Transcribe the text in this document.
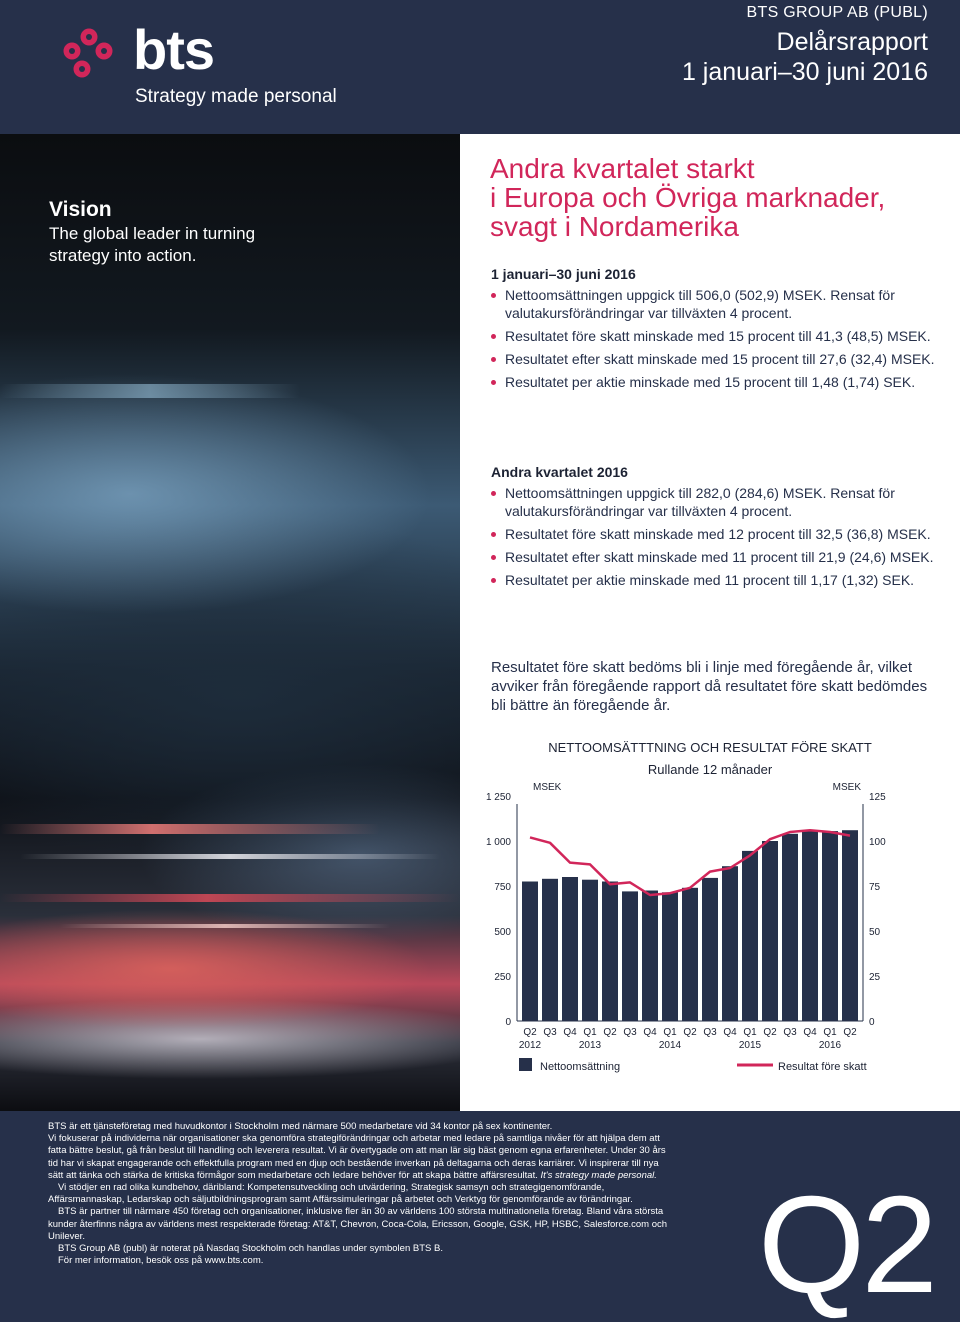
bts
Strategy made personal
BTS GROUP AB (PUBL)
Delårsrapport
1 januari–30 juni 2016
Vision
The global leader in turning
strategy into action.
Andra kvartalet starkt
i Europa och Övriga marknader,
svagt i Nordamerika
1 januari–30 juni 2016
Nettoomsättningen uppgick till 506,0 (502,9) MSEK. Rensat för valutakursförändringar var tillväxten 4 procent.
Resultatet före skatt minskade med 15 procent till 41,3 (48,5) MSEK.
Resultatet efter skatt minskade med 15 procent till 27,6 (32,4) MSEK.
Resultatet per aktie minskade med 15 procent till 1,48 (1,74) SEK.
Andra kvartalet 2016
Nettoomsättningen uppgick till 282,0 (284,6) MSEK. Rensat för valutakursförändringar var tillväxten 4 procent.
Resultatet före skatt minskade med 12 procent till 32,5 (36,8) MSEK.
Resultatet efter skatt minskade med 11 procent till 21,9 (24,6) MSEK.
Resultatet per aktie minskade med 11 procent till 1,17 (1,32) SEK.
Resultatet före skatt bedöms bli i linje med föregående år, vilket avviker från föregående rapport då resultatet före skatt bedömdes bli bättre än föregående år.
NETTOOMSÄTTTNING OCH RESULTAT FÖRE SKATT
Rullande 12 månader
0
250
500
750
1 000
1 250
0
25
50
75
100
125
MSEK	MSEK
Q2 Q3 Q4 Q1 Q2 Q3 Q4 Q1 Q2 Q3 Q4 Q1 Q2 Q3 Q4 Q1 Q2
2012	2013	2014	2015	2016
Nettoomsättning	Resultat före skatt

BTS är ett tjänsteföretag med huvudkontor i Stockholm med närmare 500 medarbetare vid 34 kontor på sex kontinenter.

Vi fokuserar på individerna när organisationer ska genomföra strategiförändringar och arbetar med ledare på samtliga nivåer för att hjälpa dem att fatta bättre beslut, gå från beslut till handling och leverera resultat. Vi är övertygade om att man lär sig bäst genom egna erfarenheter. Under 30 års tid har vi skapat engagerande och effektfulla program med en djup och bestående inverkan på deltagarna och deras karriärer. Vi inspirerar till nya sätt att tänka och stärka de kritiska förmågor som medarbetare och ledare behöver för att skapa bättre affärsresultat. It's strategy made personal.

Vi stödjer en rad olika kundbehov, däribland: Kompetensutveckling och utvärdering, Strategisk samsyn och strategigenomförande, Affärsmannaskap, Ledarskap och säljutbildningsprogram samt Affärssimuleringar på arbetet och Verktyg för genomförande av förändringar.

BTS är partner till närmare 450 företag och organisationer, inklusive fler än 30 av världens 100 största multinationella företag. Bland våra största kunder återfinns några av världens mest respekterade företag: AT&T, Chevron, Coca-Cola, Ericsson, Google, GSK, HP, HSBC, Salesforce.com och Unilever.

BTS Group AB (publ) är noterat på Nasdaq Stockholm och handlas under symbolen BTS B.

För mer information, besök oss på www.bts.com.	Q2
